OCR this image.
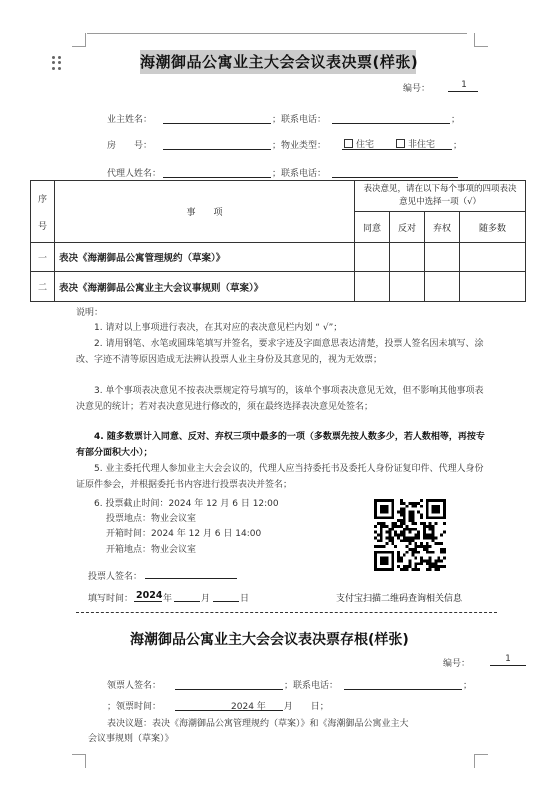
海潮御品公寓业主大会会议表决票(样张)
编号：	1
业主姓名：	；联系电话：	；
房　　号：	；物业类型：	住宅	非住宅 ；
代理人姓名：	；联系电话：
序
号	事　　项	表决意见，请在以下每个事项的四项表决意见中选择一项（√）			
		同意	反对	弃权	随多数
一	表决《海潮御品公寓管理规约（草案）》				
二	表决《海潮御品公寓业主大会议事规则（草案）》				
说明：
1. 请对以上事项进行表决，在其对应的表决意见栏内划 “ √”；
2. 请用钢笔、水笔或圆珠笔填写并签名，要求字迹及字面意思表达清楚，投票人签名因未填写、涂改、字迹不清等原因造成无法辨认投票人业主身份及其意见的，视为无效票；
3. 单个事项表决意见不按表决票规定符号填写的，该单个事项表决意见无效，但不影响其他事项表决意见的统计；若对表决意见进行修改的，须在最终选择表决意见处签名；
4. 随多数票计入同意、反对、弃权三项中最多的一项（多数票先按人数多少，若人数相等，再按专有部分面积大小）；
5. 业主委托代理人参加业主大会会议的，代理人应当持委托书及委托人身份证复印件、代理人身份证原件参会，并根据委托书内容进行投票表决并签名；
6. 投票截止时间：2024 年 12 月 6 日 12:00
投票地点：物业会议室
开箱时间：2024 年 12 月 6 日 14:00
开箱地点：物业会议室
支付宝扫描二维码查询相关信息
投票人签名：
填写时间： 2024 年	月	日
海潮御品公寓业主大会会议表决票存根(样张)
编号：	1
领票人签名：	；联系电话：	；
；领票时间：	2024 年　　月　　日；
表决议题：表决《海潮御品公寓管理规约（草案）》和《海潮御品公寓业主大
会议事规则（草案）》
